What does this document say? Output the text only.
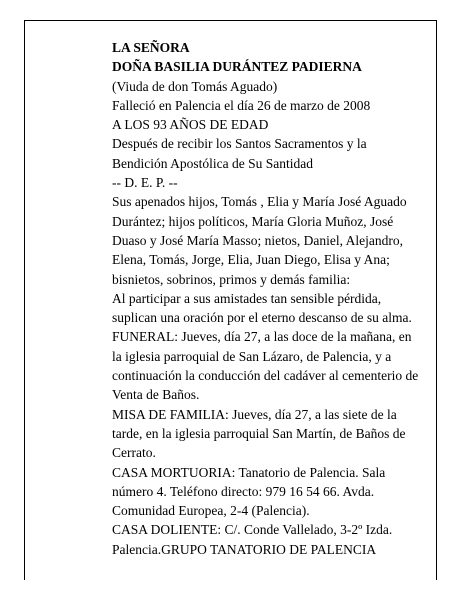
LA SEÑORA

DOÑA BASILIA DURÁNTEZ PADIERNA

(Viuda de don Tomás Aguado)

Falleció en Palencia el día 26 de marzo de 2008

A LOS 93 AÑOS DE EDAD

Después de recibir los Santos Sacramentos y la Bendición Apostólica de Su Santidad

-- D. E. P. --

Sus apenados hijos, Tomás , Elia y María José Aguado Durántez; hijos políticos, María Gloria Muñoz, José Duaso y José María Masso; nietos, Daniel, Alejandro, Elena, Tomás, Jorge, Elia, Juan Diego, Elisa y Ana; bisnietos, sobrinos, primos y demás familia:

Al participar a sus amistades tan sensible pérdida, suplican una oración por el eterno descanso de su alma.

FUNERAL: Jueves, día 27, a las doce de la mañana, en la iglesia parroquial de San Lázaro, de Palencia, y a continuación la conducción del cadáver al cementerio de Venta de Baños.

MISA DE FAMILIA: Jueves, día 27, a las siete de la tarde, en la iglesia parroquial San Martín, de Baños de Cerrato.

CASA MORTUORIA: Tanatorio de Palencia. Sala número 4. Teléfono directo: 979 16 54 66. Avda. Comunidad Europea, 2-4 (Palencia).

CASA DOLIENTE: C/. Conde Vallelado, 3-2º Izda. Palencia.GRUPO TANATORIO DE PALENCIA
